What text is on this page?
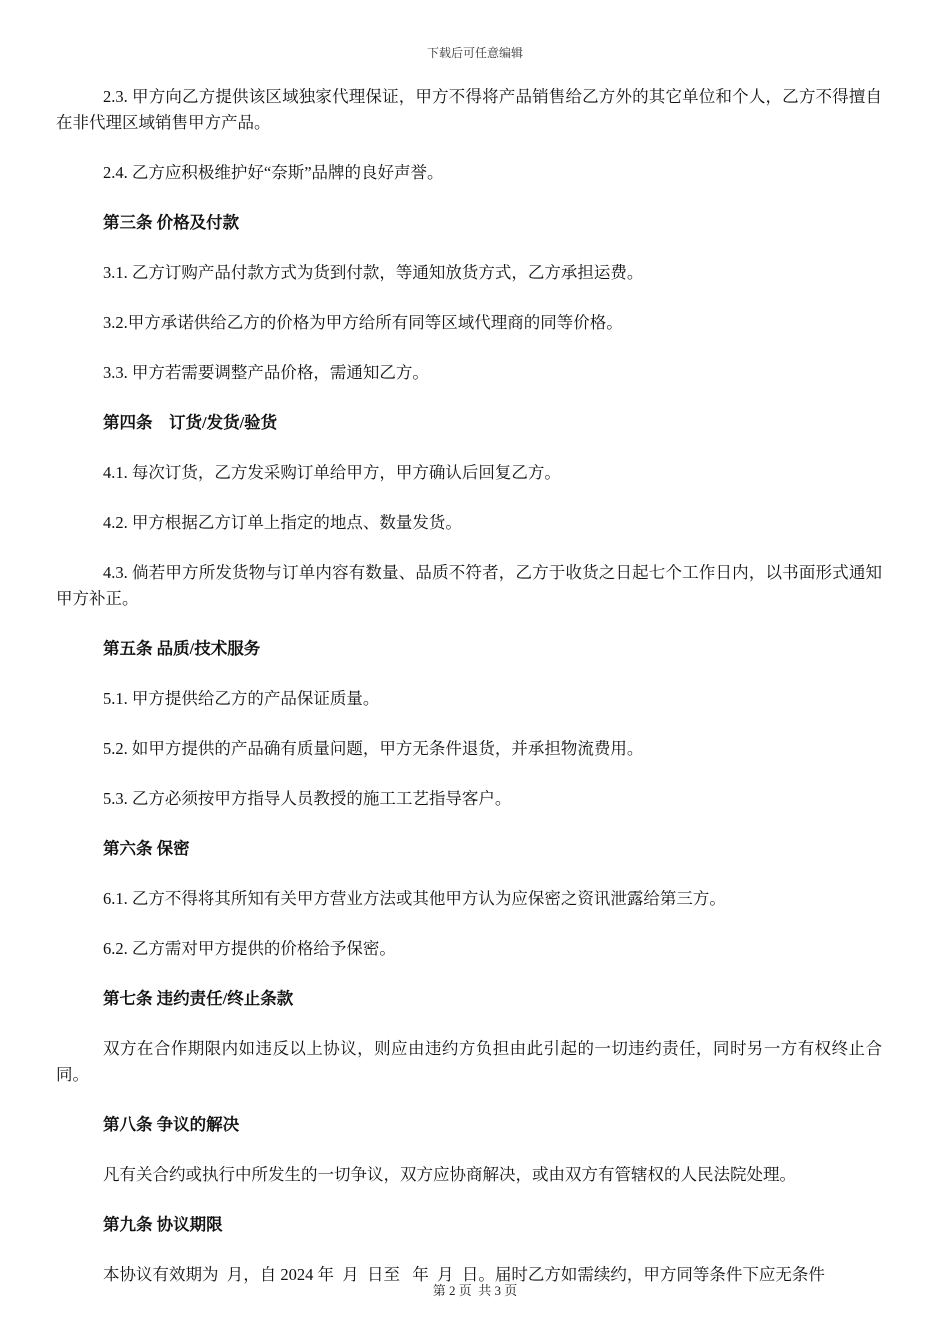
下载后可任意编辑

2.3. 甲方向乙方提供该区域独家代理保证，甲方不得将产品销售给乙方外的其它单位和个人，乙方不得擅自在非代理区域销售甲方产品。

2.4. 乙方应积极维护好“奈斯”品牌的良好声誉。

第三条 价格及付款

3.1. 乙方订购产品付款方式为货到付款，等通知放货方式，乙方承担运费。

3.2.甲方承诺供给乙方的价格为甲方给所有同等区域代理商的同等价格。

3.3. 甲方若需要调整产品价格，需通知乙方。

第四条　订货/发货/验货

4.1. 每次订货，乙方发采购订单给甲方，甲方确认后回复乙方。

4.2. 甲方根据乙方订单上指定的地点、数量发货。

4.3. 倘若甲方所发货物与订单内容有数量、品质不符者，乙方于收货之日起七个工作日内，以书面形式通知甲方补正。

第五条 品质/技术服务

5.1. 甲方提供给乙方的产品保证质量。

5.2. 如甲方提供的产品确有质量问题，甲方无条件退货，并承担物流费用。

5.3. 乙方必须按甲方指导人员教授的施工工艺指导客户。

第六条 保密

6.1. 乙方不得将其所知有关甲方营业方法或其他甲方认为应保密之资讯泄露给第三方。

6.2. 乙方需对甲方提供的价格给予保密。

第七条 违约责任/终止条款

双方在合作期限内如违反以上协议，则应由违约方负担由此引起的一切违约责任，同时另一方有权终止合同。

第八条 争议的解决

凡有关合约或执行中所发生的一切争议，双方应协商解决，或由双方有管辖权的人民法院处理。

第九条 协议期限

本协议有效期为  月，自 2024 年  月  日至   年  月  日。届时乙方如需续约，甲方同等条件下应无条件

第 2 页  共 3 页
